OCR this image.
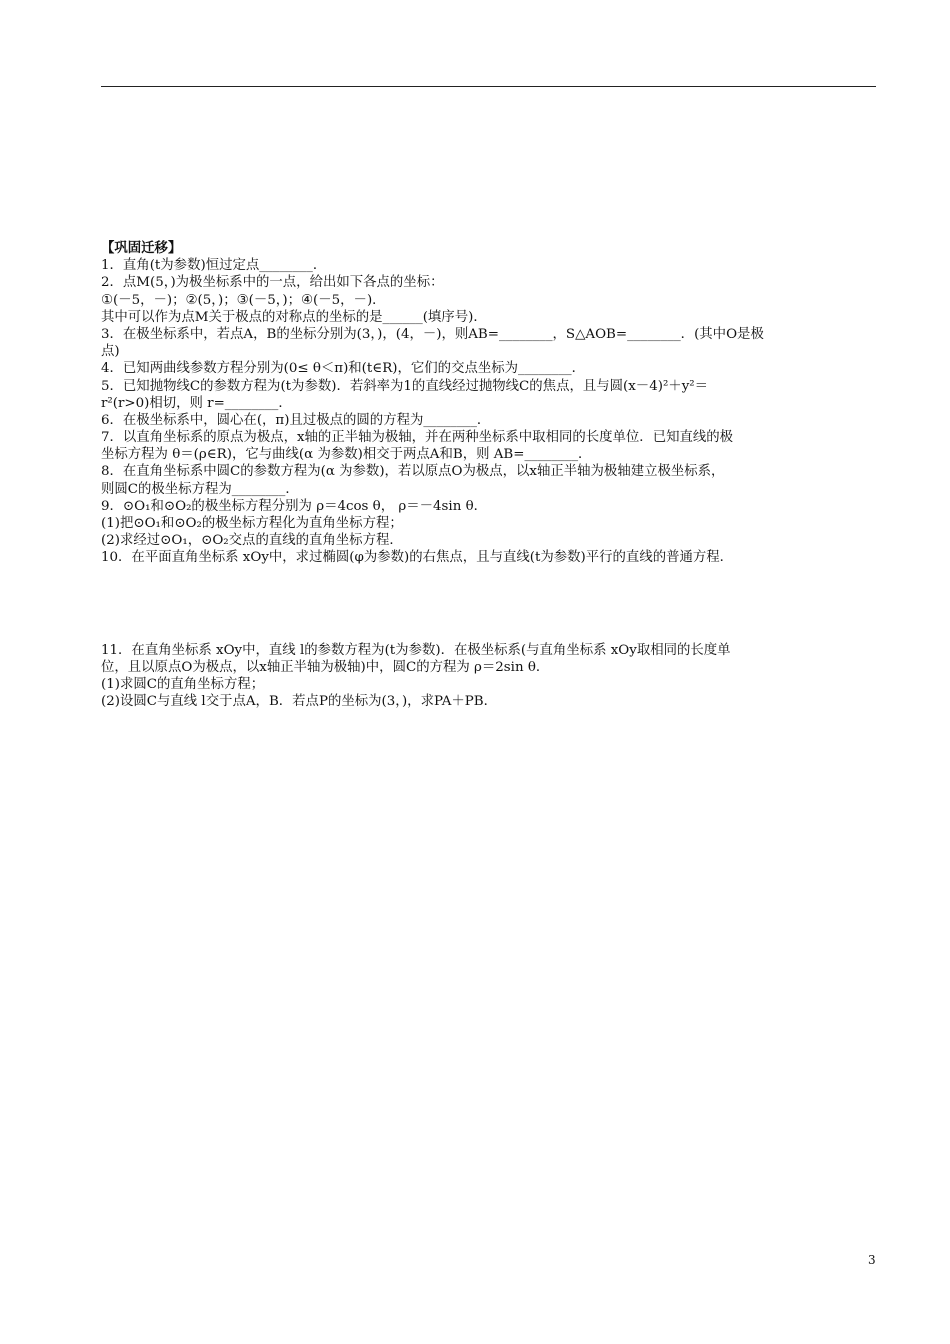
【巩固迁移】
1．直角(t为参数)恒过定点________．
2．点M(5，)为极坐标系中的一点，给出如下各点的坐标：
①(－5，－)；②(5，)；③(－5，)；④(－5，－)．
其中可以作为点M关于极点的对称点的坐标的是______(填序号)．
3．在极坐标系中，若点A，B的坐标分别为(3，)，(4，－)，则AB=________，S△AOB=________．(其中O是极
点)
4．已知两曲线参数方程分别为(0≤ θ＜π)和(t∈R)，它们的交点坐标为________．
5．已知抛物线C的参数方程为(t为参数)．若斜率为1的直线经过抛物线C的焦点，且与圆(x－4)²＋y²＝
r²(r>0)相切，则 r=________．
6．在极坐标系中，圆心在(，π)且过极点的圆的方程为________．
7．以直角坐标系的原点为极点，x轴的正半轴为极轴，并在两种坐标系中取相同的长度单位．已知直线的极
坐标方程为 θ＝(ρ∈R)，它与曲线(α 为参数)相交于两点A和B，则 AB=________．
8．在直角坐标系中圆C的参数方程为(α 为参数)，若以原点O为极点，以x轴正半轴为极轴建立极坐标系，
则圆C的极坐标方程为________．
9．⊙O₁和⊙O₂的极坐标方程分别为 ρ＝4cos θ， ρ＝－4sin θ．
(1)把⊙O₁和⊙O₂的极坐标方程化为直角坐标方程；
(2)求经过⊙O₁，⊙O₂交点的直线的直角坐标方程．
10．在平面直角坐标系 xOy中，求过椭圆(φ为参数)的右焦点，且与直线(t为参数)平行的直线的普通方程．
11．在直角坐标系 xOy中，直线 l的参数方程为(t为参数)．在极坐标系(与直角坐标系 xOy取相同的长度单
位，且以原点O为极点，以x轴正半轴为极轴)中，圆C的方程为 ρ＝2sin θ．
(1)求圆C的直角坐标方程；
(2)设圆C与直线 l交于点A，B．若点P的坐标为(3，)，求PA＋PB．
3
